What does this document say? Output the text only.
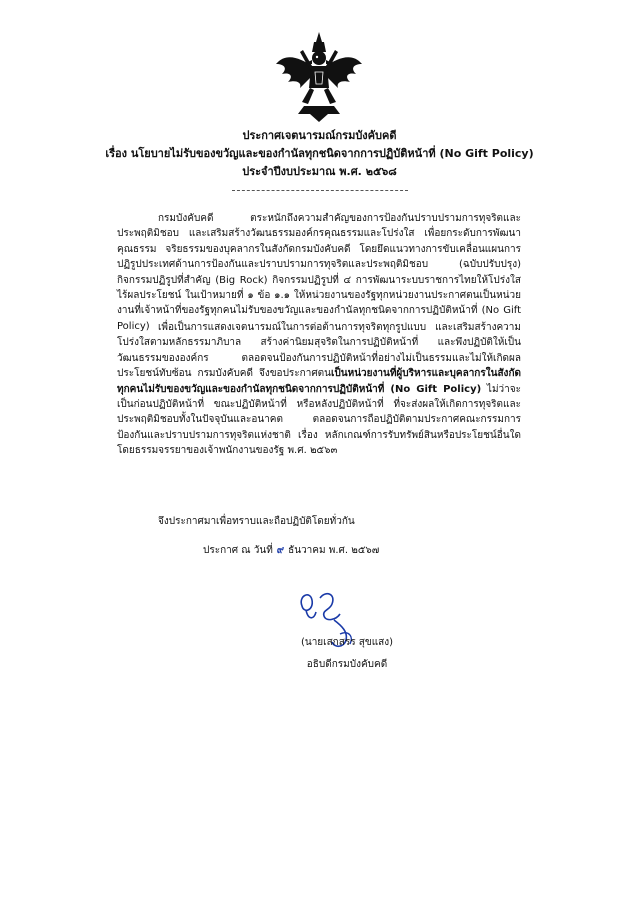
ประกาศเจตนารมณ์กรมบังคับคดี
เรื่อง นโยบายไม่รับของขวัญและของกำนัลทุกชนิดจากการปฏิบัติหน้าที่ (No Gift Policy)
ประจำปีงบประมาณ พ.ศ. ๒๕๖๘

กรมบังคับคดี ตระหนักถึงความสำคัญของการป้องกันปราบปรามการทุจริตและประพฤติมิชอบ และเสริมสร้างวัฒนธรรมองค์กรคุณธรรมและโปร่งใส เพื่อยกระดับการพัฒนาคุณธรรม จริยธรรมของบุคลากรในสังกัดกรมบังคับคดี โดยยึดแนวทางการขับเคลื่อนแผนการปฏิรูปประเทศด้านการป้องกันและปราบปรามการทุจริตและประพฤติมิชอบ (ฉบับปรับปรุง) กิจกรรมปฏิรูปที่สำคัญ (Big Rock) กิจกรรมปฏิรูปที่ ๔ การพัฒนาระบบราชการไทยให้โปร่งใส ไร้ผลประโยชน์ ในเป้าหมายที่ ๑ ข้อ ๑.๑ ให้หน่วยงานของรัฐทุกหน่วยงานประกาศตนเป็นหน่วยงานที่เจ้าหน้าที่ของรัฐทุกคนไม่รับของขวัญและของกำนัลทุกชนิดจากการปฏิบัติหน้าที่ (No Gift Policy) เพื่อเป็นการแสดงเจตนารมณ์ในการต่อต้านการทุจริตทุกรูปแบบ และเสริมสร้างความโปร่งใสตามหลักธรรมาภิบาล สร้างค่านิยมสุจริตในการปฏิบัติหน้าที่ และพึงปฏิบัติให้เป็นวัฒนธรรมขององค์กร ตลอดจนป้องกันการปฏิบัติหน้าที่อย่างไม่เป็นธรรมและไม่ให้เกิดผลประโยชน์ทับซ้อน กรมบังคับคดี จึงขอประกาศตนเป็นหน่วยงานที่ผู้บริหารและบุคลากรในสังกัดทุกคนไม่รับของขวัญและของกำนัลทุกชนิดจากการปฏิบัติหน้าที่ (No Gift Policy) ไม่ว่าจะเป็นก่อนปฏิบัติหน้าที่ ขณะปฏิบัติหน้าที่ หรือหลังปฏิบัติหน้าที่ ที่จะส่งผลให้เกิดการทุจริตและประพฤติมิชอบทั้งในปัจจุบันและอนาคต ตลอดจนการถือปฏิบัติตามประกาศคณะกรรมการป้องกันและปราบปรามการทุจริตแห่งชาติ เรื่อง หลักเกณฑ์การรับทรัพย์สินหรือประโยชน์อื่นใดโดยธรรมจรรยาของเจ้าพนักงานของรัฐ พ.ศ. ๒๕๖๓

จึงประกาศมาเพื่อทราบและถือปฏิบัติโดยทั่วกัน

ประกาศ ณ วันที่ ๙ ธันวาคม พ.ศ. ๒๕๖๗
(นายเสกสรร สุขแสง)
อธิบดีกรมบังคับคดี
